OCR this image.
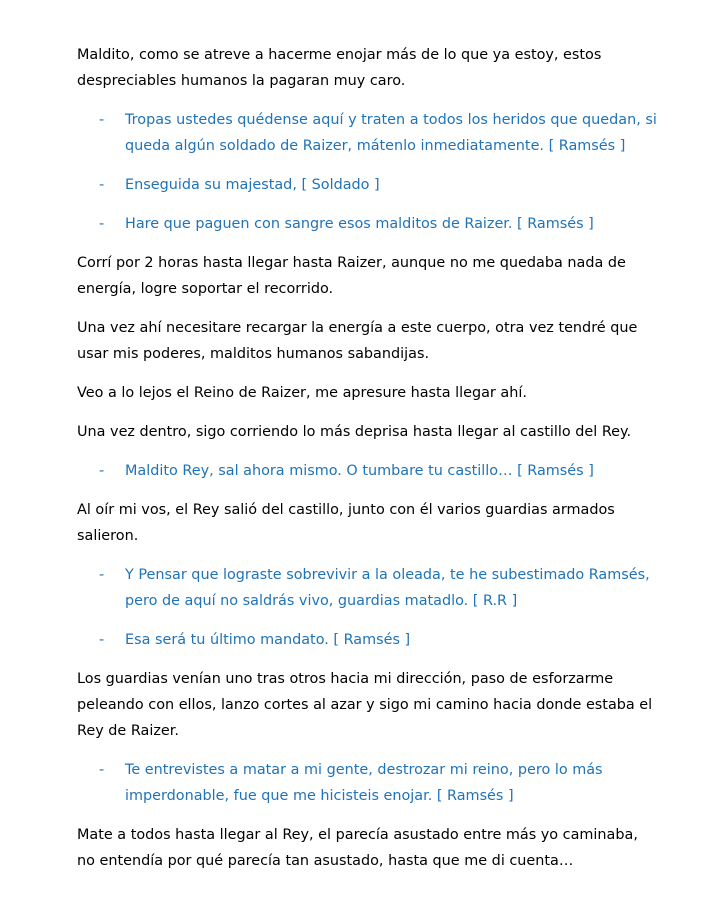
Maldito, como se atreve a hacerme enojar más de lo que ya estoy, estos despreciables humanos la pagaran muy caro.

- Tropas ustedes quédense aquí y traten a todos los heridos que quedan, si queda algún soldado de Raizer, mátenlo inmediatamente. [ Ramsés ]
- Enseguida su majestad, [ Soldado ]
- Hare que paguen con sangre esos malditos de Raizer. [ Ramsés ]

Corrí por 2 horas hasta llegar hasta Raizer, aunque no me quedaba nada de energía, logre soportar el recorrido.

Una vez ahí necesitare recargar la energía a este cuerpo, otra vez tendré que usar mis poderes, malditos humanos sabandijas.

Veo a lo lejos el Reino de Raizer, me apresure hasta llegar ahí.

Una vez dentro, sigo corriendo lo más deprisa hasta llegar al castillo del Rey.

- Maldito Rey, sal ahora mismo. O tumbare tu castillo… [ Ramsés ]

Al oír mi vos, el Rey salió del castillo, junto con él varios guardias armados salieron.

- Y Pensar que lograste sobrevivir a la oleada, te he subestimado Ramsés, pero de aquí no saldrás vivo, guardias matadlo. [ R.R ]
- Esa será tu último mandato. [ Ramsés ]

Los guardias venían uno tras otros hacia mi dirección, paso de esforzarme peleando con ellos, lanzo cortes al azar y sigo mi camino hacia donde estaba el Rey de Raizer.

- Te entrevistes a matar a mi gente, destrozar mi reino, pero lo más imperdonable, fue que me hicisteis enojar. [ Ramsés ]

Mate a todos hasta llegar al Rey, el parecía asustado entre más yo caminaba, no entendía por qué parecía tan asustado, hasta que me di cuenta…
